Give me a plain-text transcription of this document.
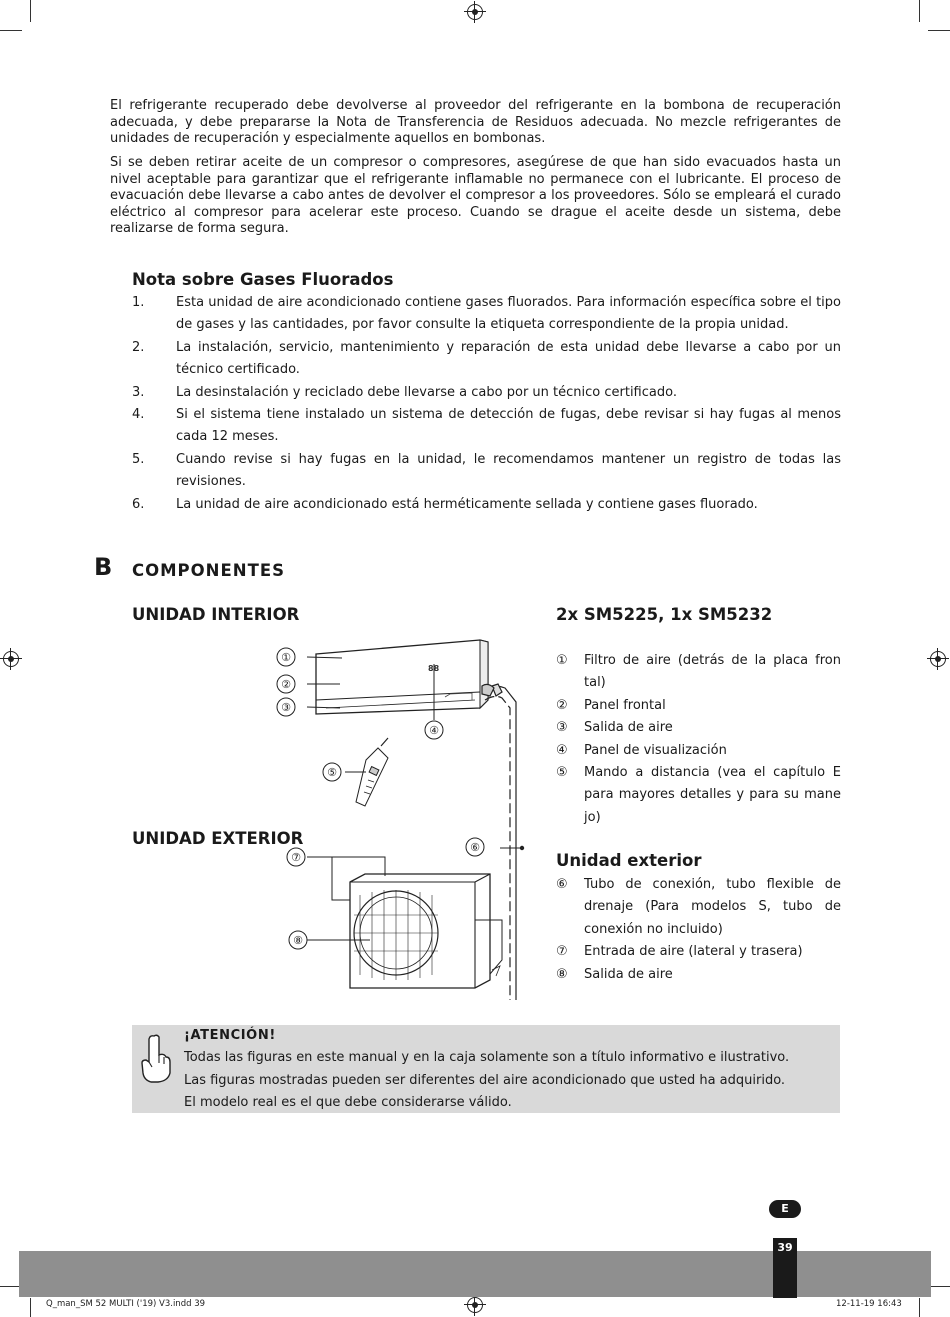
El refrigerante recuperado debe devolverse al proveedor del refrigerante en la bombona de recuperación adecuada, y debe prepararse la Nota de Transferencia de Residuos adecuada. No mezcle refrigerantes de unidades de recuperación y especialmente aquellos en bombonas.
Si se deben retirar aceite de un compresor o compresores, asegúrese de que han sido evacuados hasta un nivel aceptable para garantizar que el refrigerante inflamable no permanece con el lubricante. El proceso de evacuación debe llevarse a cabo antes de devolver el compresor a los proveedores. Sólo se empleará el curado eléctrico al compresor para acelerar este proceso. Cuando se drague el aceite desde un sistema, debe realizarse de forma segura.
Nota sobre Gases Fluorados
1.	Esta unidad de aire acondicionado contiene gases fluorados. Para información específica sobre el tipo de gases y las cantidades, por favor consulte la etiqueta correspondiente de la propia unidad.
2.	La instalación, servicio, mantenimiento y reparación de esta unidad debe llevarse a cabo por un técnico certificado.
3.	La desinstalación y reciclado debe llevarse a cabo por un técnico certificado.
4.	Si el sistema tiene instalado un sistema de detección de fugas, debe revisar si hay fugas al menos cada 12 meses.
5.	Cuando revise si hay fugas en la unidad, le recomendamos mantener un registro de todas las revisiones.
6.	La unidad de aire acondicionado está herméticamente sellada y contiene gases fluorado.
B COMPONENTES
UNIDAD INTERIOR	2x SM5225, 1x SM5232
UNIDAD EXTERIOR
88
①
②
③
④
⑤
⑥
⑦
⑧
①	Filtro de aire (detrás de la placa fron tal)
②	Panel frontal
③	Salida de aire
④	Panel de visualización
⑤	Mando a distancia (vea el capítulo E para mayores detalles y para su mane jo)
Unidad exterior
⑥	Tubo de conexión, tubo flexible de drenaje (Para modelos S, tubo de conexión no incluido)
⑦	Entrada de aire (lateral y trasera)
⑧	Salida de aire
¡ATENCIÓN!
Todas las figuras en este manual y en la caja solamente son a título informativo e ilustrativo.
Las figuras mostradas pueden ser diferentes del aire acondicionado que usted ha adquirido.
El modelo real es el que debe considerarse válido.
E
39
Q_man_SM 52 MULTI ('19) V3.indd 39	12-11-19 16:43
